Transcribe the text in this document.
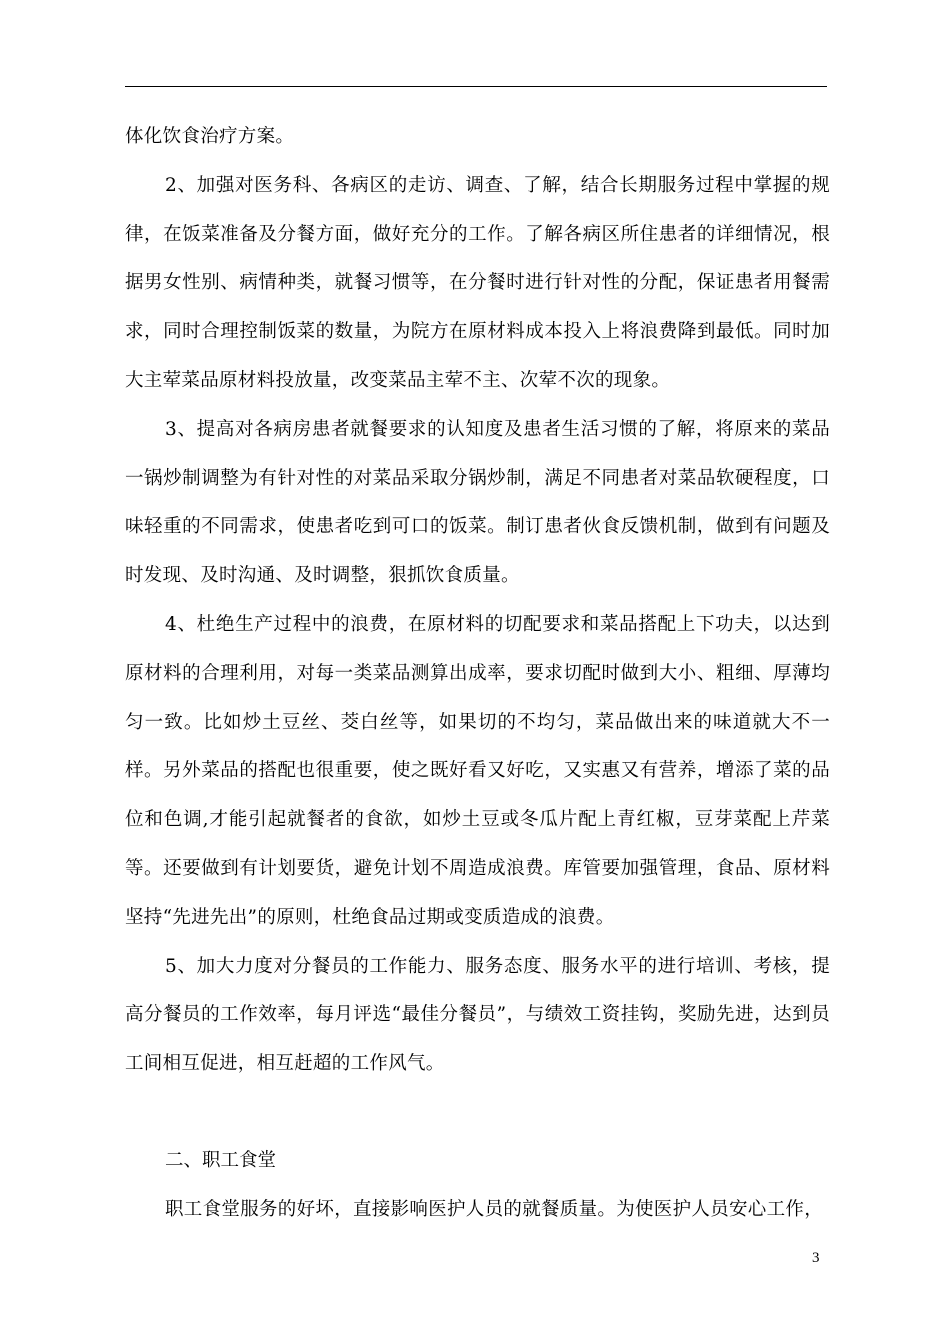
体化饮食治疗方案。

2、加强对医务科、各病区的走访、调查、了解，结合长期服务过程中掌握的规律，在饭菜准备及分餐方面，做好充分的工作。了解各病区所住患者的详细情况，根据男女性别、病情种类，就餐习惯等，在分餐时进行针对性的分配，保证患者用餐需求，同时合理控制饭菜的数量，为院方在原材料成本投入上将浪费降到最低。同时加大主荤菜品原材料投放量，改变菜品主荤不主、次荤不次的现象。

3、提高对各病房患者就餐要求的认知度及患者生活习惯的了解，将原来的菜品一锅炒制调整为有针对性的对菜品采取分锅炒制，满足不同患者对菜品软硬程度，口味轻重的不同需求，使患者吃到可口的饭菜。制订患者伙食反馈机制，做到有问题及时发现、及时沟通、及时调整，狠抓饮食质量。

4、杜绝生产过程中的浪费，在原材料的切配要求和菜品搭配上下功夫，以达到原材料的合理利用，对每一类菜品测算出成率，要求切配时做到大小、粗细、厚薄均匀一致。比如炒土豆丝、茭白丝等，如果切的不均匀，菜品做出来的味道就大不一样。另外菜品的搭配也很重要，使之既好看又好吃，又实惠又有营养，增添了菜的品位和色调,才能引起就餐者的食欲，如炒土豆或冬瓜片配上青红椒，豆芽菜配上芹菜等。还要做到有计划要货，避免计划不周造成浪费。库管要加强管理，食品、原材料坚持“先进先出”的原则，杜绝食品过期或变质造成的浪费。

5、加大力度对分餐员的工作能力、服务态度、服务水平的进行培训、考核，提高分餐员的工作效率，每月评选“最佳分餐员”，与绩效工资挂钩，奖励先进，达到员工间相互促进，相互赶超的工作风气。

二、职工食堂

职工食堂服务的好坏，直接影响医护人员的就餐质量。为使医护人员安心工作，

3
